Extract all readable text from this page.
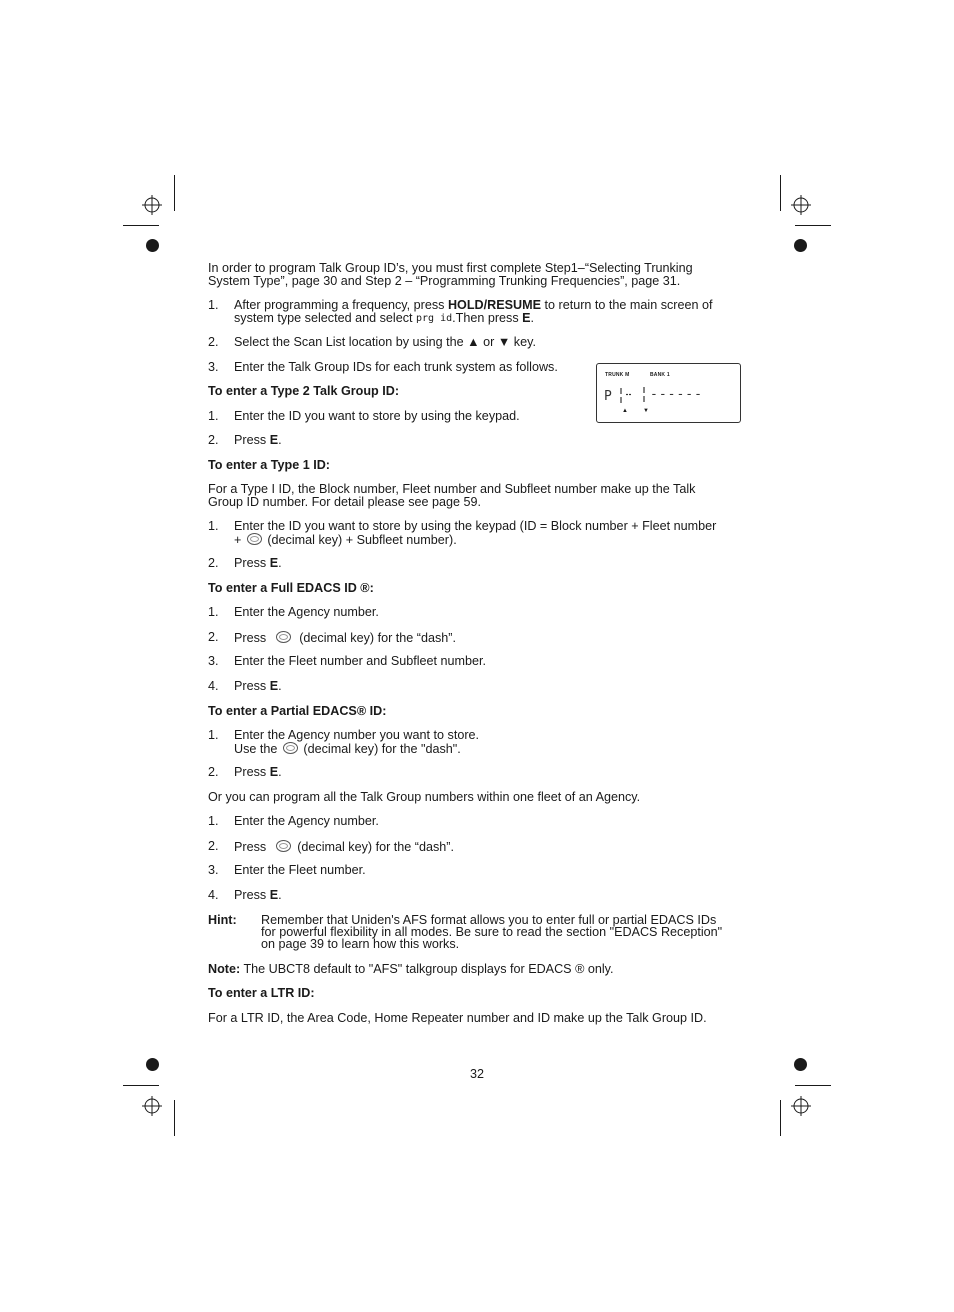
In order to program Talk Group ID’s, you must first complete Step1–“Selecting Trunking
System Type”, page 30 and Step 2 – “Programming Trunking Frequencies”, page 31.
1. After programming a frequency, press HOLD/RESUME to return to the main screen of
system type selected and select prg id.Then press E.
2. Select the Scan List location by using the ▲ or ▼ key.
3. Enter the Talk Group IDs for each trunk system as follows.
TRUNK M	BANK 1
P	------
▲	▼
To enter a Type 2 Talk Group ID:
1. Enter the ID you want to store by using the keypad.
2. Press E.
To enter a Type 1 ID:
For a Type I ID, the Block number, Fleet number and Subfleet number make up the Talk
Group ID number. For detail please see page 59.
1. Enter the ID you want to store by using the keypad (ID = Block number + Fleet number
+  (decimal key) + Subfleet number).
2. Press E.
To enter a Full EDACS ID ®:
1. Enter the Agency number.
2. Press  (decimal key) for the “dash”.
3. Enter the Fleet number and Subfleet number.
4. Press E.
To enter a Partial EDACS® ID:
1. Enter the Agency number you want to store.
Use the  (decimal key) for the "dash".
2. Press E.
Or you can program all the Talk Group numbers within one fleet of an Agency.
1. Enter the Agency number.
2. Press  (decimal key) for the “dash”.
3. Enter the Fleet number.
4. Press E.
Hint: Remember that Uniden's AFS format allows you to enter full or partial EDACS IDs
for powerful flexibility in all modes. Be sure to read the section "EDACS Reception"
on page 39 to learn how this works.
Note: The UBCT8 default to "AFS" talkgroup displays for EDACS ® only.
To enter a LTR ID:
For a LTR ID, the Area Code, Home Repeater number and ID make up the Talk Group ID.
32
